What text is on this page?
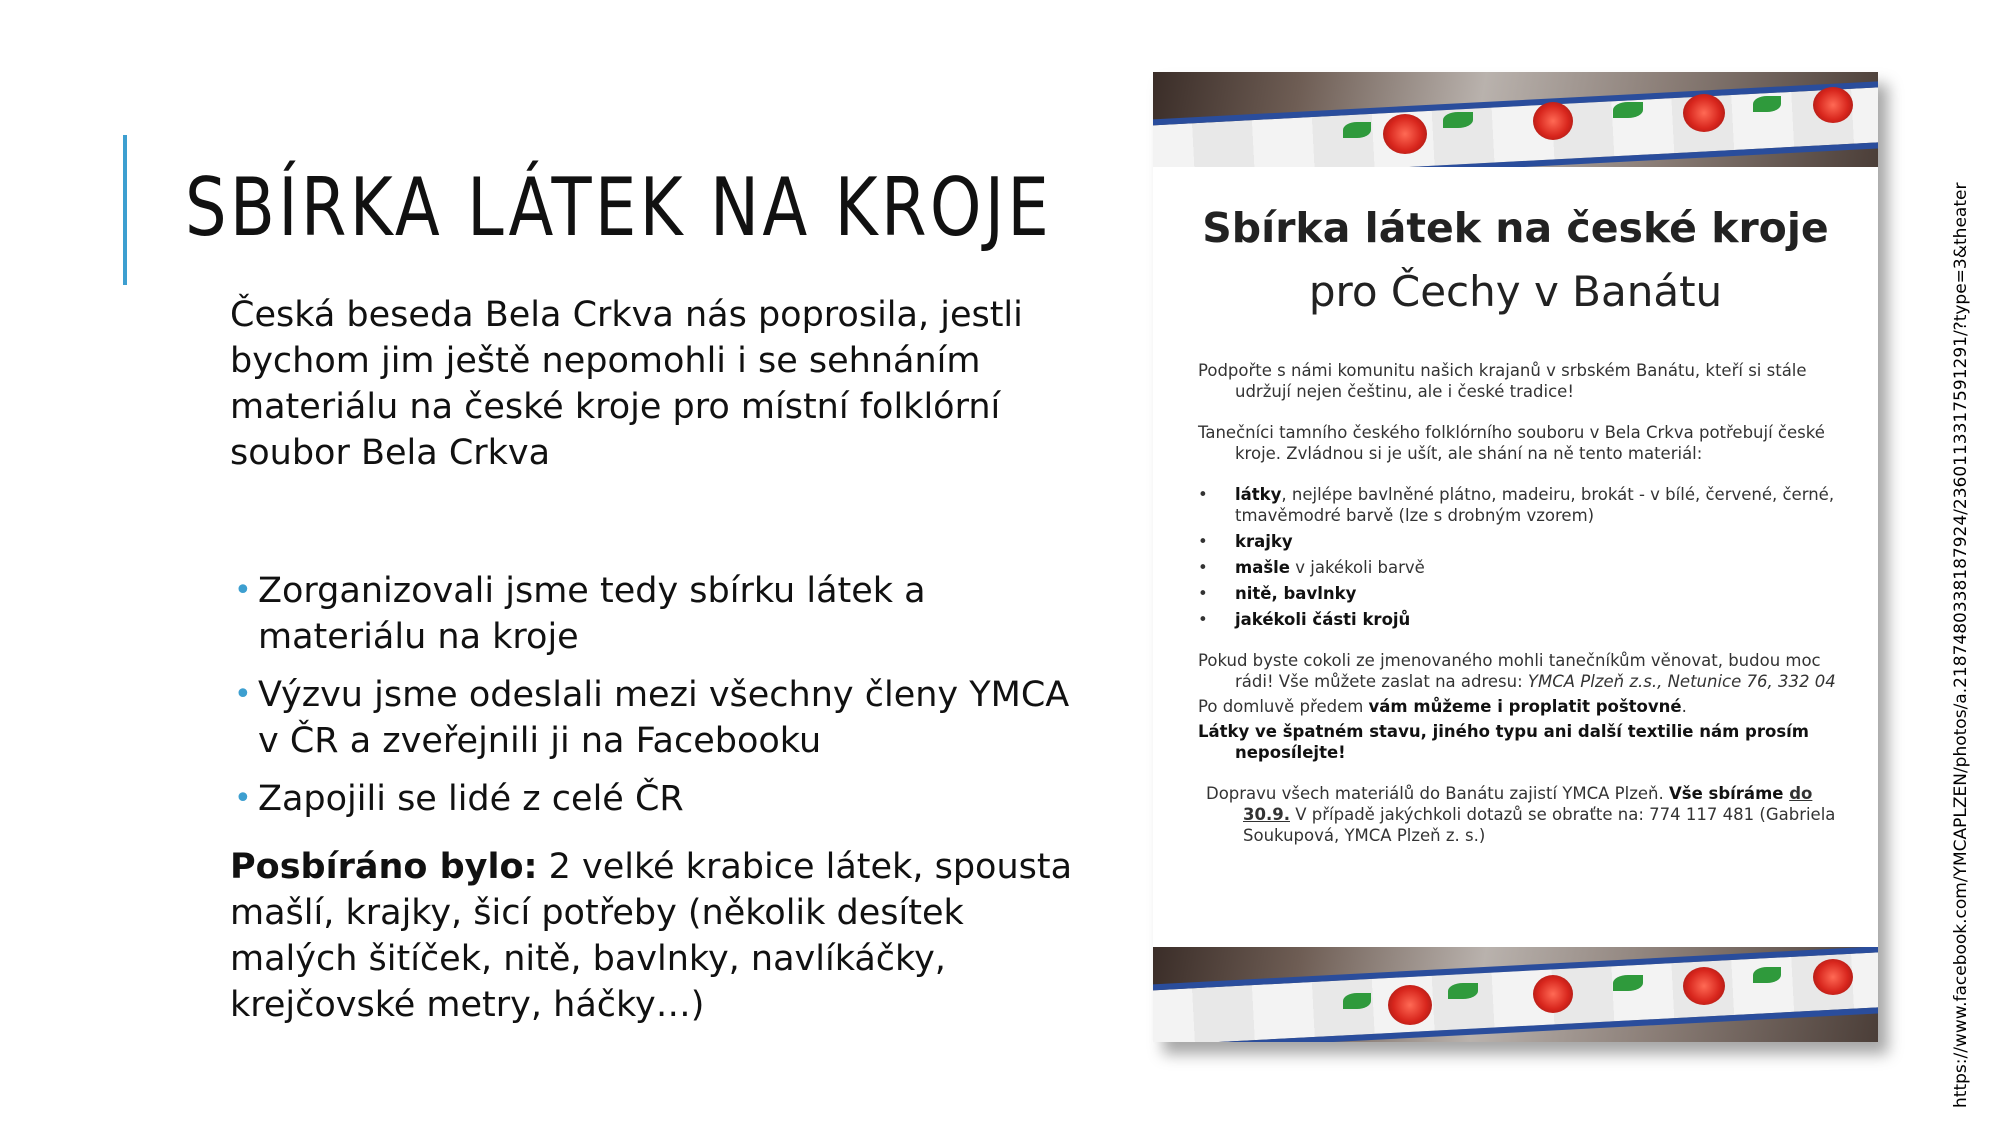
SBÍRKA LÁTEK NA KROJE

Česká beseda Bela Crkva nás poprosila, jestli bychom jim ještě nepomohli i se sehnáním materiálu na české kroje pro místní folklórní soubor Bela Crkva

• Zorganizovali jsme tedy sbírku látek a materiálu na kroje
• Výzvu jsme odeslali mezi všechny členy YMCA v ČR a zveřejnili ji na Facebooku
• Zapojili se lidé z celé ČR

Posbíráno bylo: 2 velké krabice látek, spousta mašlí, krajky, šicí potřeby (několik desítek malých šitíček, nitě, bavlnky, navlíkáčky, krejčovské metry, háčky…)

Sbírka látek na české kroje
pro Čechy v Banátu

Podpořte s námi komunitu našich krajanů v srbském Banátu, kteří si stále udržují nejen češtinu, ale i české tradice!

Tanečníci tamního českého folklórního souboru v Bela Crkva potřebují české kroje. Zvládnou si je ušít, ale shání na ně tento materiál:

• látky, nejlépe bavlněné plátno, madeiru, brokát - v bílé, červené, černé, tmavěmodré barvě (lze s drobným vzorem)
• krajky
• mašle v jakékoli barvě
• nitě, bavlnky
• jakékoli části krojů

Pokud byste cokoli ze jmenovaného mohli tanečníkům věnovat, budou moc rádi! Vše můžete zaslat na adresu: YMCA Plzeň z.s., Netunice 76, 332 04

Po domluvě předem vám můžeme i proplatit poštovné.

Látky ve špatném stavu, jiného typu ani další textilie nám prosím neposílejte!

Dopravu všech materiálů do Banátu zajistí YMCA Plzeň. Vše sbíráme do 30.9. V případě jakýchkoli dotazů se obraťte na: 774 117 481 (Gabriela Soukupová, YMCA Plzeň z. s.)	https://www.facebook.com/YMCAPLZEN/photos/a.2187480338187924/2360113317591291/?type=3&theater
